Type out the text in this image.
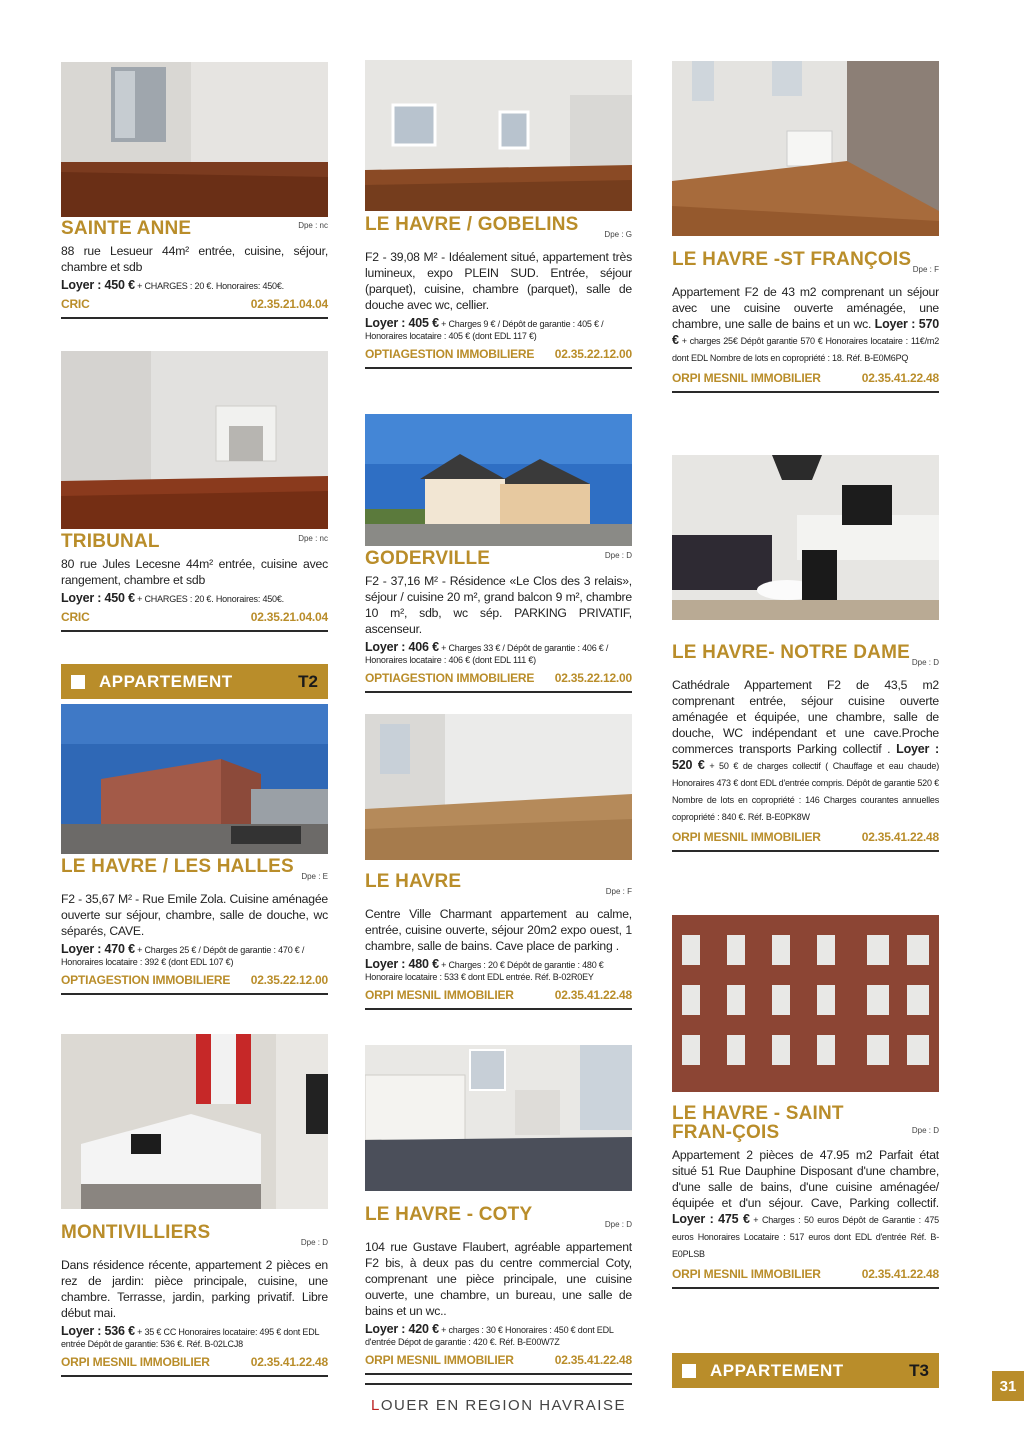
SAINTE ANNE	Dpe : nc
88 rue Lesueur 44m² entrée, cuisine, séjour, chambre et sdb
Loyer : 450 € + CHARGES : 20 €. Honoraires: 450€.
CRIC	02.35.21.04.04
TRIBUNAL	Dpe : nc
80 rue Jules Lecesne 44m² entrée, cuisine avec rangement, chambre et sdb
Loyer : 450 € + CHARGES : 20 €. Honoraires: 450€.
CRIC	02.35.21.04.04
APPARTEMENT	T2
LE HAVRE / LES HALLES Dpe : E
F2 - 35,67 M² - Rue Emile Zola. Cuisine aménagée ouverte sur séjour, chambre, salle de douche, wc séparés, CAVE.
Loyer : 470 € + Charges 25 € / Dépôt de garantie : 470 € / Honoraires locataire : 392 € (dont EDL 107 €)
OPTIAGESTION IMMOBILIERE 02.35.22.12.00
MONTIVILLIERS	Dpe : D
Dans résidence récente, appartement 2 pièces en rez de jardin: pièce principale, cuisine, une chambre. Terrasse, jardin, parking privatif. Libre début mai.
Loyer : 536 € + 35 € CC Honoraires locataire: 495 € dont EDL entrée Dépôt de garantie: 536 €. Réf. B-02LCJ8
ORPI MESNIL IMMOBILIER	02.35.41.22.48
LE HAVRE / GOBELINS	Dpe : G
F2 - 39,08 M² - Idéalement situé, appartement très lumineux, expo PLEIN SUD. Entrée, séjour (parquet), cuisine, chambre (parquet), salle de douche avec wc, cellier.
Loyer : 405 € + Charges 9 € / Dépôt de garantie : 405 € / Honoraires locataire : 405 € (dont EDL 117 €)
OPTIAGESTION IMMOBILIERE 02.35.22.12.00
GODERVILLE	Dpe : D
F2 - 37,16 M² - Résidence «Le Clos des 3 relais», séjour / cuisine 20 m², grand balcon 9 m², chambre 10 m², sdb, wc sép. PARKING PRIVATIF, ascenseur.
Loyer : 406 € + Charges 33 € / Dépôt de garantie : 406 € / Honoraires locataire : 406 € (dont EDL 111 €)
OPTIAGESTION IMMOBILIERE 02.35.22.12.00
LE HAVRE	Dpe : F
Centre Ville Charmant appartement au calme, entrée, cuisine ouverte, séjour 20m2 expo ouest, 1 chambre, salle de bains. Cave place de parking .
Loyer : 480 € + Charges : 20 € Dépôt de garantie : 480 € Honoraire locataire : 533 € dont EDL entrée. Réf. B-02R0EY
ORPI MESNIL IMMOBILIER	02.35.41.22.48
LE HAVRE - COTY	Dpe : D
104 rue Gustave Flaubert, agréable appartement F2 bis, à deux pas du centre commercial Coty, comprenant une pièce principale, une cuisine ouverte, une chambre, un bureau, une salle de bains et un wc..
Loyer : 420 € + charges : 30 € Honoraires : 450 € dont EDL d'entrée Dépot de garantie : 420 €. Réf. B-E00W7Z
ORPI MESNIL IMMOBILIER	02.35.41.22.48
LE HAVRE -ST FRANÇOIS Dpe : F
Appartement F2 de 43 m2 comprenant un séjour avec une cuisine ouverte aménagée, une chambre, une salle de bains et un wc. Loyer : 570 € + charges 25€ Dépôt garantie 570 € Honoraires locataire : 11€/m2 dont EDL Nombre de lots en copropriété : 18. Réf. B-E0M6PQ
ORPI MESNIL IMMOBILIER	02.35.41.22.48
LE HAVRE- NOTRE DAME Dpe : D
Cathédrale Appartement F2 de 43,5 m2 comprenant entrée, séjour cuisine ouverte aménagée et équipée, une chambre, salle de douche, WC indépendant et une cave.Proche commerces transports Parking collectif . Loyer : 520 € + 50 € de charges collectif ( Chauffage et eau chaude) Honoraires 473 € dont EDL d'entrée compris. Dépôt de garantie 520 € Nombre de lots en copropriété : 146 Charges courantes annuelles copropriété : 840 €. Réf. B-E0PK8W
ORPI MESNIL IMMOBILIER	02.35.41.22.48
LE HAVRE - SAINT FRAN-ÇOIS	Dpe : D
Appartement 2 pièces de 47.95 m2 Parfait état situé 51 Rue Dauphine Disposant d'une chambre, d'une salle de bains, d'une cuisine aménagée/équipée et d'un séjour. Cave, Parking collectif. Loyer : 475 € + Charges : 50 euros Dépôt de Garantie : 475 euros Honoraires Locataire : 517 euros dont EDL d'entrée Réf. B-E0PLSB
ORPI MESNIL IMMOBILIER	02.35.41.22.48
APPARTEMENT	T3
LOUER EN REGION HAVRAISE
31
